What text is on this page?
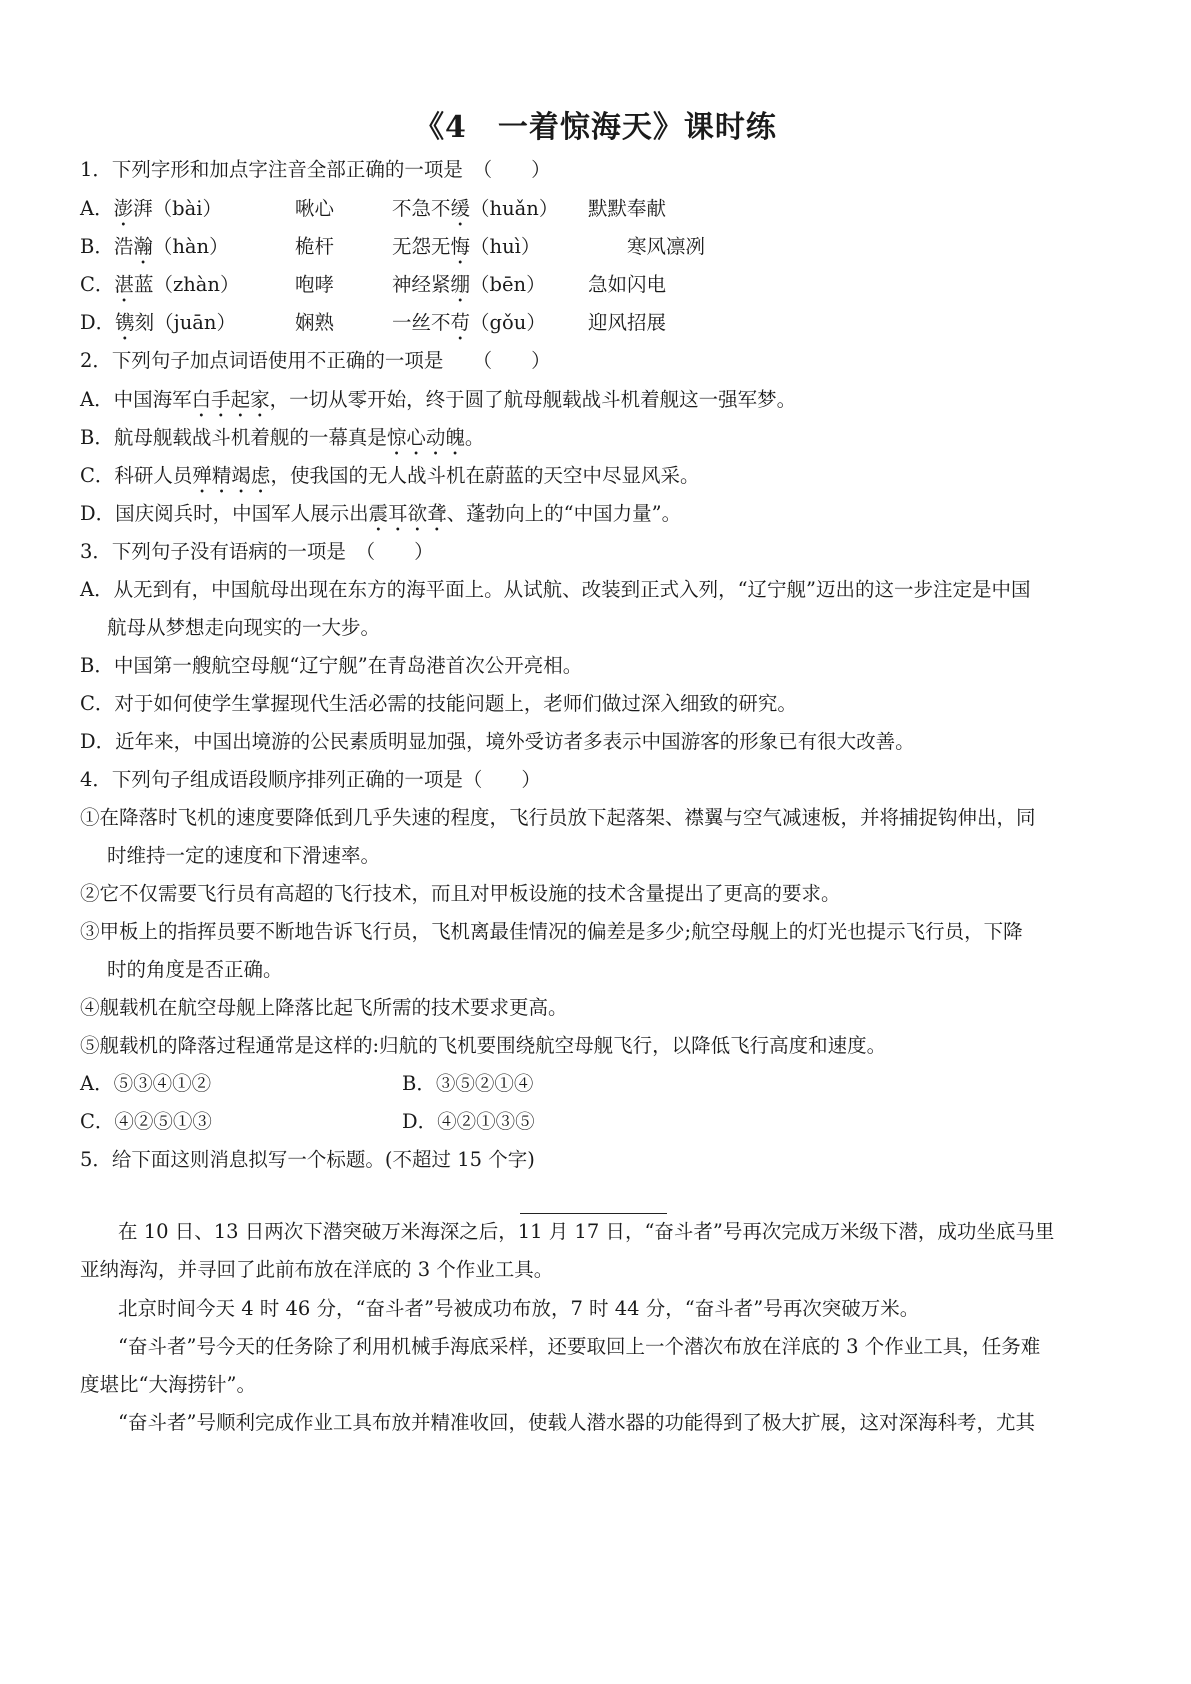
《4　一着惊海天》课时练
1．下列字形和加点字注音全部正确的一项是　（　　）
A．澎湃（bài）	啾心	不急不缓（huǎn） 默默奉献
B．浩瀚（hàn）	桅杆	无怨无悔（huì）	寒风凛冽
C．湛蓝（zhàn）	咆哮	神经紧绷（bēn） 急如闪电
D．镌刻（juān）	娴熟	一丝不苟（gǒu） 迎风招展
2．下列句子加点词语使用不正确的一项是　　（　　）
A．中国海军白手起家，一切从零开始，终于圆了航母舰载战斗机着舰这一强军梦。
B．航母舰载战斗机着舰的一幕真是惊心动魄。
C．科研人员殚精竭虑，使我国的无人战斗机在蔚蓝的天空中尽显风采。
D．国庆阅兵时，中国军人展示出震耳欲聋、蓬勃向上的“中国力量”。
3．下列句子没有语病的一项是　（　　）
A．从无到有，中国航母出现在东方的海平面上。从试航、改装到正式入列，“辽宁舰”迈出的这一步注定是中国
航母从梦想走向现实的一大步。
B．中国第一艘航空母舰“辽宁舰”在青岛港首次公开亮相。
C．对于如何使学生掌握现代生活必需的技能问题上，老师们做过深入细致的研究。
D．近年来，中国出境游的公民素质明显加强，境外受访者多表示中国游客的形象已有很大改善。
4．下列句子组成语段顺序排列正确的一项是（　　）
①在降落时飞机的速度要降低到几乎失速的程度，飞行员放下起落架、襟翼与空气减速板，并将捕捉钩伸出，同
时维持一定的速度和下滑速率。
②它不仅需要飞行员有高超的飞行技术，而且对甲板设施的技术含量提出了更高的要求。
③甲板上的指挥员要不断地告诉飞行员，飞机离最佳情况的偏差是多少;航空母舰上的灯光也提示飞行员，下降
时的角度是否正确。
④舰载机在航空母舰上降落比起飞所需的技术要求更高。
⑤舰载机的降落过程通常是这样的:归航的飞机要围绕航空母舰飞行，以降低飞行高度和速度。
A．⑤③④①②	B．③⑤②①④
C．④②⑤①③	D．④②①③⑤
5．给下面这则消息拟写一个标题。(不超过 15 个字)
在 10 日、13 日两次下潜突破万米海深之后，11 月 17 日，“奋斗者”号再次完成万米级下潜，成功坐底马里
亚纳海沟，并寻回了此前布放在洋底的 3 个作业工具。
北京时间今天 4 时 46 分，“奋斗者”号被成功布放，7 时 44 分，“奋斗者”号再次突破万米。
“奋斗者”号今天的任务除了利用机械手海底采样，还要取回上一个潜次布放在洋底的 3 个作业工具，任务难
度堪比“大海捞针”。
“奋斗者”号顺利完成作业工具布放并精准收回，使载人潜水器的功能得到了极大扩展，这对深海科考，尤其
